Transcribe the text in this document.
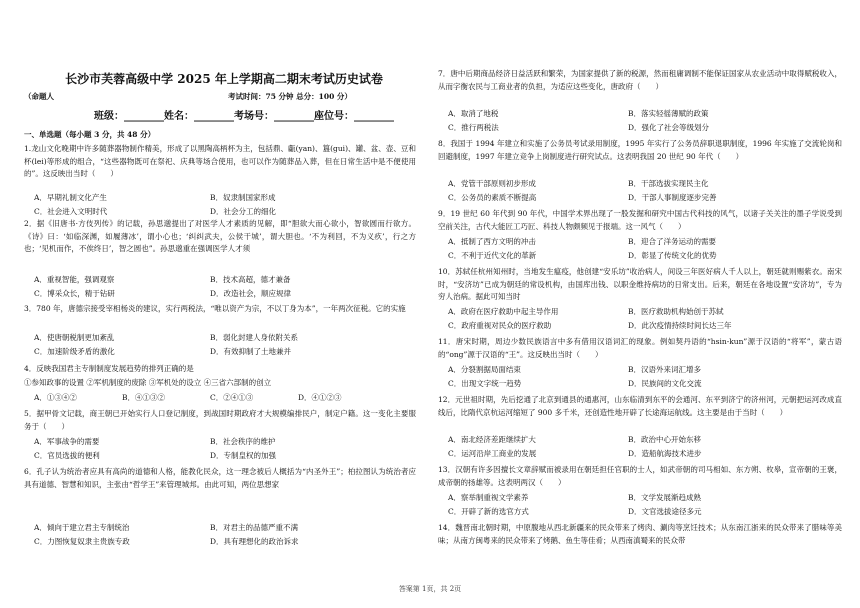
长沙市芙蓉高级中学 2025 年上学期高二期末考试历史试卷
（命题人	考试时间：75 分钟 总分：100 分）
班级：________姓名：________考场号：________座位号：________
一、单选题（每小题 3 分，共 48 分）
1.龙山文化晚期中许多随葬器物制作精美，形成了以黑陶高柄杯为主，包括鼎、甗(yan)、簋(gui)、罐、盆、壶、豆和杯(lei)等形成的组合，“这些器物既可在祭祀、庆典等场合使用，也可以作为随葬品入葬，但在日常生活中是不便使用的”。这反映出当时（　　）
A．早期礼制文化产生	B．奴隶制国家形成
C．社会进入文明时代	D．社会分工的细化
2．据《旧唐书·方伎列传》的记载，孙思邈提出了对医学人才素质的见解，即“胆欲大而心欲小，智欲圆而行欲方。《诗》曰：‘如临深渊，如履薄冰’，谓小心也；‘纠纠武夫，公侯干城’，谓大胆也。‘不为利回，不为义疚’，行之方也；‘见机而作，不俟终日’，智之圆也”。孙思邈重在强调医学人才须
A．重视智能，强调观察	B．技术高超，德才兼备
C．博采众长，精于钻研	D．改造社会，顺应规律
3．780 年，唐德宗接受宰相杨炎的建议，实行两税法，“唯以资产为宗，不以丁身为本”，一年两次征税。它的实施
A．使唐朝税制更加紊乱	B．弱化封建人身依附关系
C．加速阶级矛盾的激化	D．有效抑制了土地兼并
4．反映我国君主专制制度发展趋势的排列正确的是
①参知政事的设置 ②军机制度的废除 ③军机处的设立 ④三省六部制的创立
A．①③④②	B．④①③②	C．②④①③	D．④①②③
5．据甲骨文记载，商王朝已开始实行人口登记制度，到战国时期政府才大规模编排民户，制定户籍。这一变化主要服务于（　　）
A．军事战争的需要	B．社会秩序的维护
C．官员选拔的便利	D．专制皇权的加强
6．孔子认为统治者应具有高尚的道德和人格，能教化民众，这一理念被后人概括为“内圣外王”；柏拉图认为统治者应具有道德、智慧和知识，主张由“哲学王”来管理城邦。由此可知，两位思想家
A．倾向于建立君主专制统治	B．对君主的品德严重不满
C．力图恢复奴隶主贵族专政	D．具有理想化的政治诉求
7．唐中后期商品经济日益活跃和繁荣，为国家提供了新的税源，然而租庸调制不能保证国家从农业活动中取得赋税收入，从而字衡农民与工商业者的负担，为适应这些变化，唐政府（　　）
A．取消了地税	B．落实轻徭薄赋的政策
C．推行两税法	D．强化了社会等级划分
8．我国于 1994 年建立和实施了公务员考试录用制度，1995 年实行了公务员辞职退职制度，1996 年实施了交流轮岗和回避制度，1997 年建立竞争上岗制度进行研究试点。这表明我国 20 世纪 90 年代（　　）
A．党管干部原则初步形成	B．干部选拔实现民主化
C．公务员的素质不断提高	D．干部人事制度逐步完善
9．19 世纪 60 年代到 90 年代，中国学术界出现了一股发掘和研究中国古代科技的风气，以诸子关关注的墨子学说受到空前关注，古代大能匠工巧匠、科技人物颇频见于报端。这一风气（　　）
A．抵制了西方文明的冲击	B．迎合了洋务运动的需要
C．不利于近代文化的革新	D．彰显了传统文化的优势
10．苏轼任杭州知州时，当地发生瘟疫，他创建“安乐坊”收治病人，间设三年医好病人千人以上，朝廷就则赐紫衣。南宋时，“安济坊”已成为朝廷的常设机构，由国库出钱、以职金维持病坊的日常支出。后来，朝廷在各地设置“安济坊”，专为穷人治病。据此可知当时
A．政府在医疗救助中起主导作用	B．医疗救助机构始创于苏轼
C．政府重视对民众的医疗救助	D．此次疫情持续时间长达三年
11．唐宋时期，周边少数民族语言中多有借用汉语词汇的现象。例如契丹语的“hsin-kun”源于汉语的“将军”，蒙古语的“ong”源于汉语的“王”。这反映出当时（　　）
A．分裂割据局面结束	B．汉语外来词汇增多
C．出现文字统一趋势	D．民族间的文化交流
12．元世祖时期，先后挖通了北京到通县的通惠河，山东临清到东平的会通河、东平到济宁的济州河，元朝把运河改成直线后，比隋代京杭运河缩短了 900 多千米，还创造性地开辟了长途海运航线。这主要是由于当时（　　）
A．南北经济差距继续扩大	B．政治中心开始东移
C．运河沿岸工商业的发展	D．造船航海技术进步
13．汉朝有许多因擅长文章辞赋而被录用在朝廷担任官职的士人，如武帝朝的司马相如、东方朔、枚皋，宣帝朝的王褒，成帝朝的扬雄等。这表明两汉（　　）
A．察举制重视文学素养	B．文学发展渐趋成熟
C．开辟了新的选官方式	D．文官选拔途径多元
14．魏晋南北朝时期，中原腹地从西北新疆来的民众带来了烤肉、涮肉等烹饪技术；从东南江浙来的民众带来了腊味等美味；从南方闽粤来的民众带来了烤鹅、鱼生等佳肴；从西南滇蜀来的民众带
答案第 1页，共 2页
